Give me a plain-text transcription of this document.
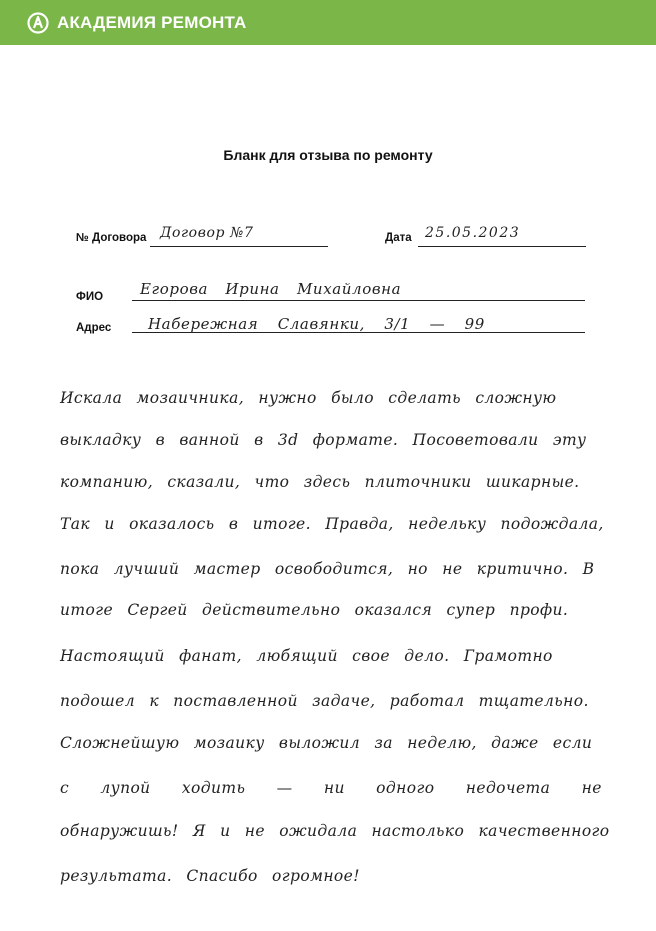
АКАДЕМИЯ РЕМОНТА
Бланк для отзыва по ремонту
№ Договора Договор №7	Дата 25.05.2023
ФИО Егорова Ирина Михайловна
Адрес Набережная Славянки, 3/1 — 99
Искала мозаичника, нужно было сделать сложную
выкладку в ванной в 3d формате. Посоветовали эту
компанию, сказали, что здесь плиточники шикарные.
Так и оказалось в итоге. Правда, недельку подождала,
пока лучший мастер освободится, но не критично. В
итоге Сергей действительно оказался супер профи.
Настоящий фанат, любящий свое дело. Грамотно
подошел к поставленной задаче, работал тщательно.
Сложнейшую мозаику выложил за неделю, даже если
с лупой ходить — ни одного недочета не
обнаружишь! Я и не ожидала настолько качественного
результата. Спасибо огромное!
